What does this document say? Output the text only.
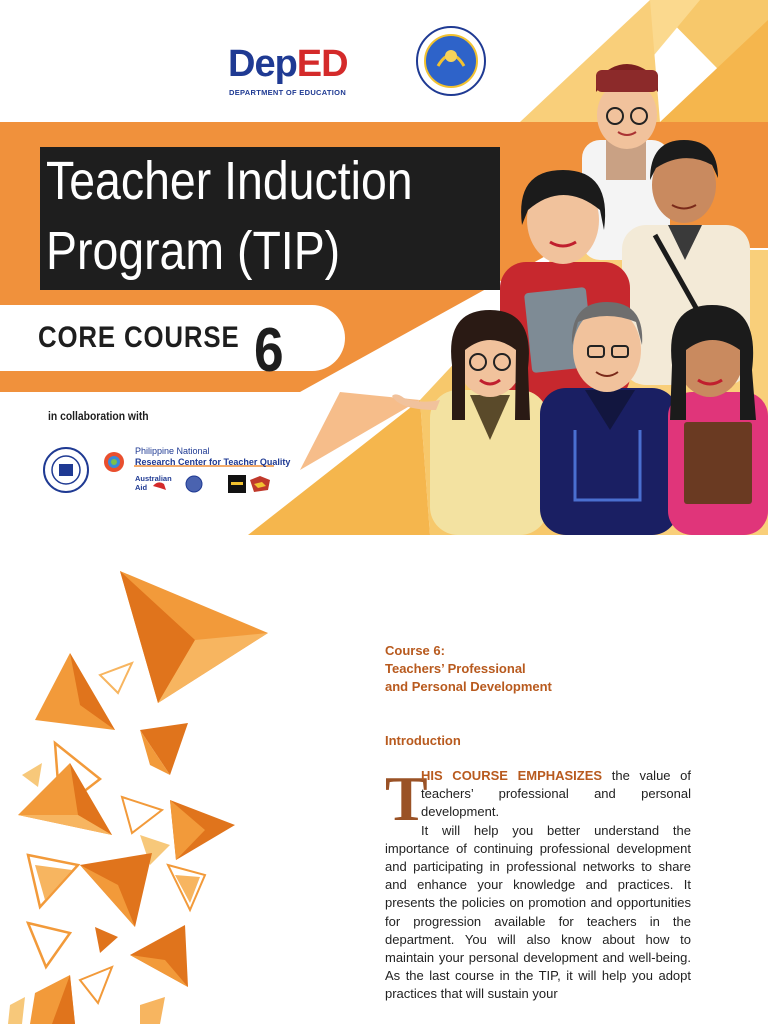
DepED
DEPARTMENT OF EDUCATION
Teacher Induction
Program (TIP)
CORE COURSE 6
in collaboration with
Philippine National
Research Center for Teacher Quality
Australian
Aid
Course 6:
Teachers’ Professional
and Personal Development
Introduction
T

HIS COURSE EMPHASIZES the value of teachers’ professional and personal development.

It will help you better understand the importance of continuing professional development and participating in professional networks to share and enhance your knowledge and practices. It presents the policies on promotion and opportunities for progression available for teachers in the department. You will also know about how to maintain your personal development and well-being. As the last course in the TIP, it will help you adopt practices that will sustain your
